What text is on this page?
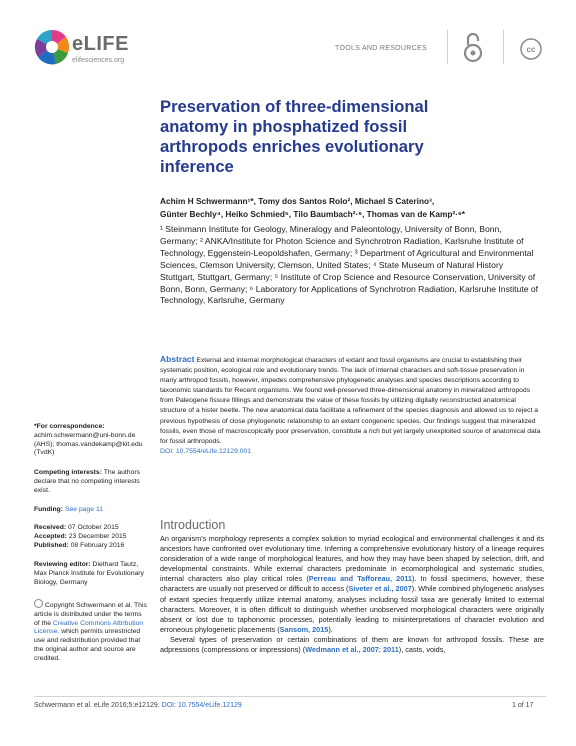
eLIFE
elifesciences.org
TOOLS AND RESOURCES	cc
Preservation of three-dimensional anatomy in phosphatized fossil arthropods enriches evolutionary inference
Achim H Schwermann¹*, Tomy dos Santos Rolo², Michael S Caterino³,
Günter Bechly⁴, Heiko Schmied⁵, Tilo Baumbach²·⁶, Thomas van de Kamp²·⁶*
¹ Steinmann Institute for Geology, Mineralogy and Paleontology, University of Bonn, Bonn, Germany; ² ANKA/Institute for Photon Science and Synchrotron Radiation, Karlsruhe Institute of Technology, Eggenstein-Leopoldshafen, Germany; ³ Department of Agricultural and Environmental Sciences, Clemson University, Clemson, United States; ⁴ State Museum of Natural History Stuttgart, Stuttgart, Germany; ⁵ Institute of Crop Science and Resource Conservation, University of Bonn, Bonn, Germany; ⁶ Laboratory for Applications of Synchrotron Radiation, Karlsruhe Institute of Technology, Karlsruhe, Germany
Abstract External and internal morphological characters of extant and fossil organisms are crucial to establishing their systematic position, ecological role and evolutionary trends. The lack of internal characters and soft-tissue preservation in many arthropod fossils, however, impedes comprehensive phylogenetic analyses and species descriptions according to taxonomic standards for Recent organisms. We found well-preserved three-dimensional anatomy in mineralized arthropods from Paleogene fissure fillings and demonstrate the value of these fossils by utilizing digitally reconstructed anatomical structure of a hister beetle. The new anatomical data facilitate a refinement of the species diagnosis and allowed us to reject a previous hypothesis of close phylogenetic relationship to an extant congeneric species. Our findings suggest that mineralized fossils, even those of macroscopically poor preservation, constitute a rich but yet largely unexploited source of anatomical data for fossil arthropods.
DOI: 10.7554/eLife.12129.001
*For correspondence: achim.schwermann@uni-bonn.de (AHS); thomas.vandekamp@kit.edu (TvdK)
Competing interests: The authors declare that no competing interests exist.
Funding: See page 11
Received: 07 October 2015
Accepted: 23 December 2015
Published: 08 February 2016
Reviewing editor: Diethard Tautz, Max Planck Institute for Evolutionary Biology, Germany
Copyright Schwermann et al. This article is distributed under the terms of the Creative Commons Attribution License, which permits unrestricted use and redistribution provided that the original author and source are credited.
Introduction

An organism's morphology represents a complex solution to myriad ecological and environmental challenges it and its ancestors have confronted over evolutionary time. Inferring a comprehensive evolutionary history of a lineage requires consideration of a wide range of morphological features, and how they may have been shaped by selection, drift, and developmental constraints. While external characters predominate in ecomorphological and systematic studies, internal characters also play critical roles (Perreau and Tafforeau, 2011). In fossil specimens, however, these characters are usually not preserved or difficult to access (Siveter et al., 2007). While combined phylogenetic analyses of extant species frequently utilize internal anatomy, analyses including fossil taxa are generally limited to external characters. Moreover, it is often difficult to distinguish whether unobserved morphological characters were originally absent or lost due to taphonomic processes, potentially leading to misinterpretations of character evolution and erroneous phylogenetic placements (Sansom, 2015).

Several types of preservation or certain combinations of them are known for arthropod fossils. These are adpressions (compressions or impressions) (Wedmann et al., 2007; 2011), casts, voids,

Schwermann et al. eLife 2016;5:e12129. DOI: 10.7554/eLife.12129	1 of 17
